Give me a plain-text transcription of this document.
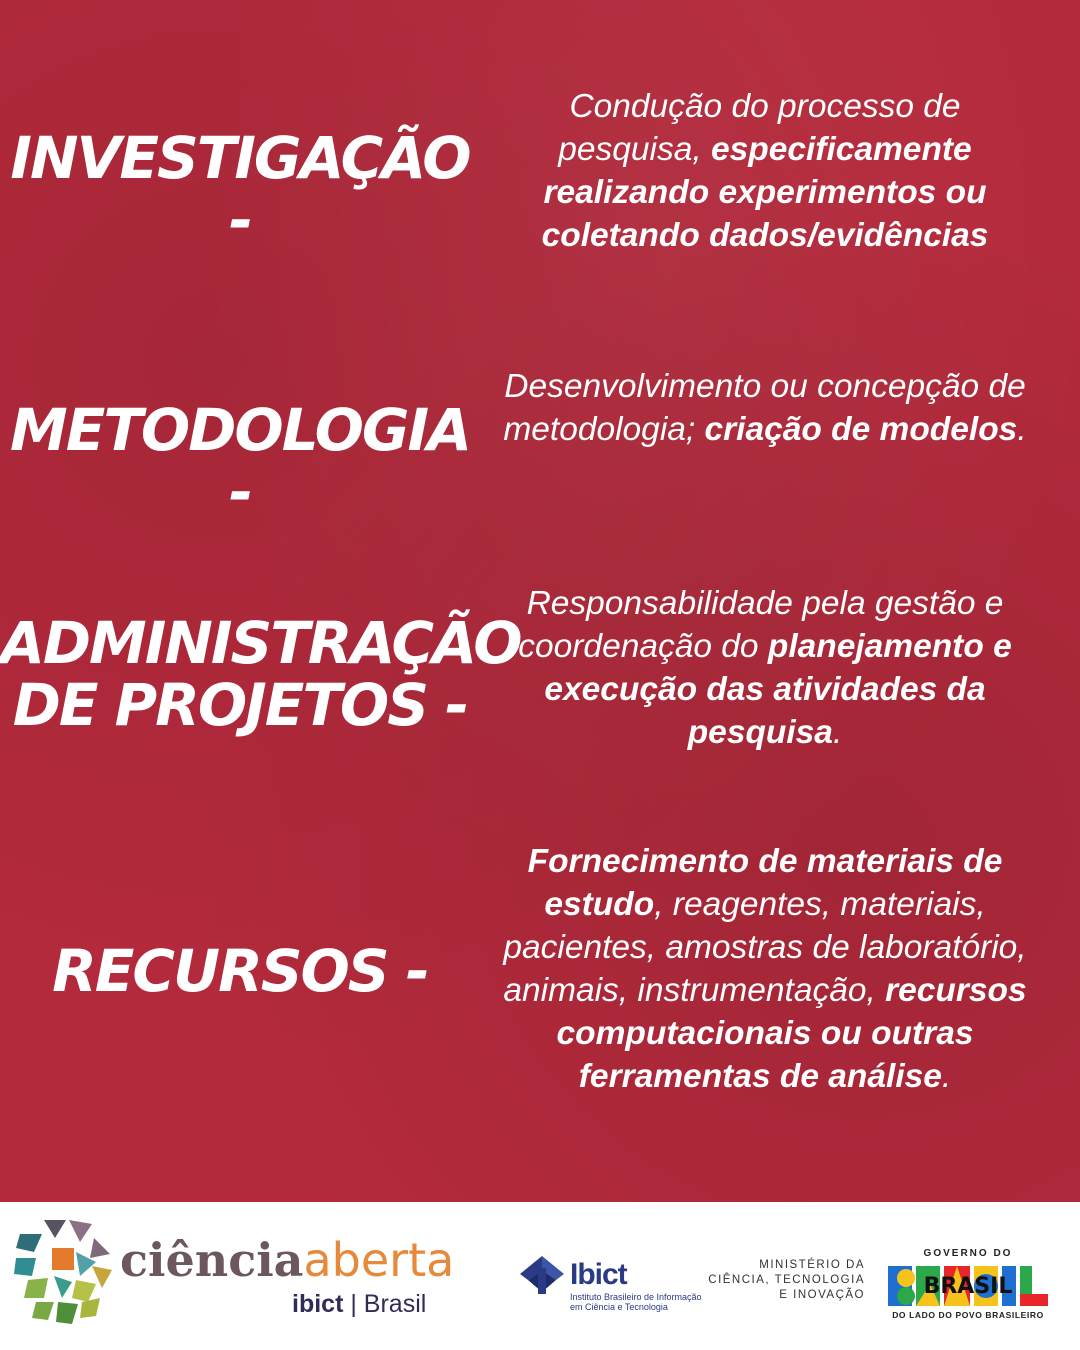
INVESTIGAÇÃO -
Condução do processo de pesquisa, especificamente realizando experimentos ou coletando dados/evidências
METODOLOGIA -
Desenvolvimento ou concepção de metodologia; criação de modelos.
ADMINISTRAÇÃO
DE PROJETOS -
Responsabilidade pela gestão e coordenação do planejamento e execução das atividades da pesquisa.
RECURSOS -
Fornecimento de materiais de estudo, reagentes, materiais, pacientes, amostras de laboratório, animais, instrumentação, recursos computacionais ou outras ferramentas de análise.
ciênciaaberta
ibict | Brasil
Ibict
Instituto Brasileiro de Informação
em Ciência e Tecnologia
MINISTÉRIO DA
CIÊNCIA, TECNOLOGIA
E INOVAÇÃO
GOVERNO DO
BRASIL
DO LADO DO POVO BRASILEIRO
